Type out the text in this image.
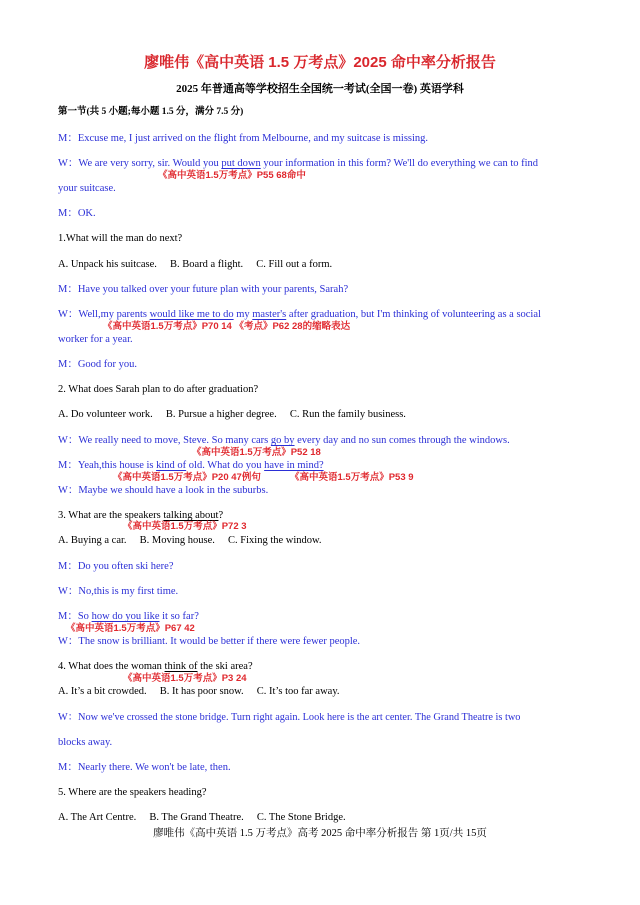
廖唯伟《高中英语 1.5 万考点》2025 命中率分析报告
2025 年普通高等学校招生全国统一考试(全国一卷) 英语学科
第一节(共 5 小题;每小题 1.5 分，满分 7.5 分)
M：Excuse me, I just arrived on the flight from Melbourne, and my suitcase is missing.
W：We are very sorry, sir. Would you put down your information in this form? We'll do everything we can to find
《高中英语1.5万考点》P55 68命中
your suitcase.
M：OK.
1.What will the man do next?
A. Unpack his suitcase.     B. Board a flight.     C. Fill out a form.
M：Have you talked over your future plan with your parents, Sarah?
W：Well,my parents would like me to do my master's after graduation, but I'm thinking of volunteering as a social
《高中英语1.5万考点》P70 14 《考点》P62 28的缩略表达
worker for a year.
M：Good for you.
2. What does Sarah plan to do after graduation?
A. Do volunteer work.     B. Pursue a higher degree.     C. Run the family business.
W：We really need to move, Steve. So many cars go by every day and no sun comes through the windows.
《高中英语1.5万考点》P52 18
M：Yeah,this house is kind of old. What do you have in mind?
《高中英语1.5万考点》P20 47例句	《高中英语1.5万考点》P53 9
W：Maybe we should have a look in the suburbs.
3. What are the speakers talking about?
《高中英语1.5万考点》P72 3
A. Buying a car.     B. Moving house.     C. Fixing the window.
M：Do you often ski here?
W：No,this is my first time.
M：So how do you like it so far?
《高中英语1.5万考点》P67 42
W：The snow is brilliant. It would be better if there were fewer people.
4. What does the woman think of the ski area?
《高中英语1.5万考点》P3 24
A. It’s a bit crowded.     B. It has poor snow.     C. It’s too far away.
W：Now we've crossed the stone bridge. Turn right again. Look here is the art center. The Grand Theatre is two
blocks away.
M：Nearly there. We won't be late, then.
5. Where are the speakers heading?
A. The Art Centre.     B. The Grand Theatre.     C. The Stone Bridge.
廖唯伟《高中英语 1.5 万考点》高考 2025 命中率分析报告 第 1页/共 15页
